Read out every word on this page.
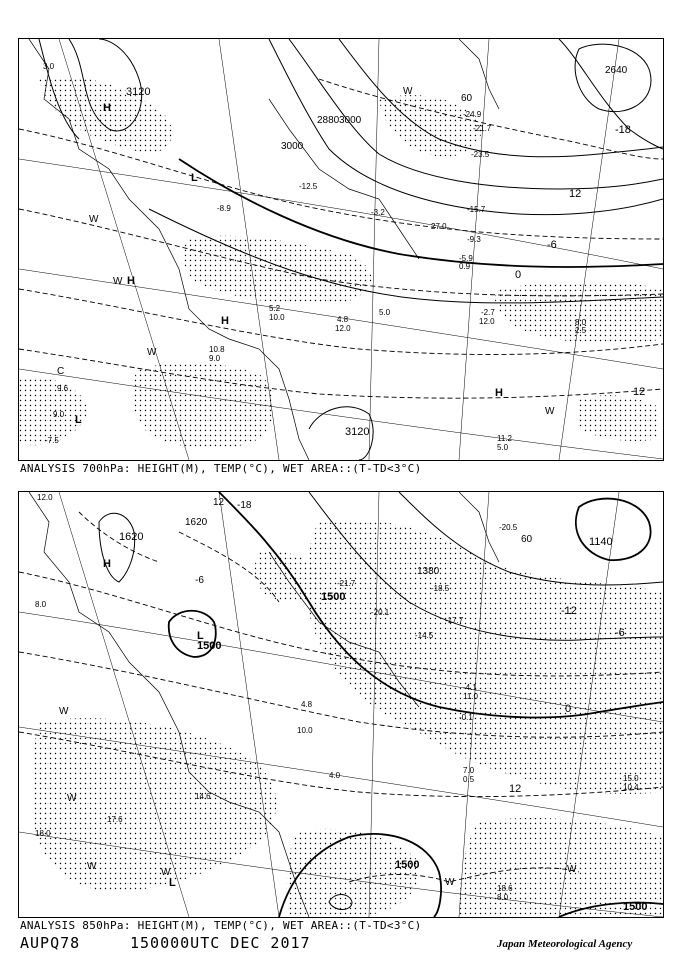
3120
3120
3000
3000
2880
2640
60
-18
12
-6
0
12
H
H
H
H
L
L
W
W
W
W
W
C
-24.9
-21.7
-23.5
-15.7
-9.3
-2.7
12.0	8.0
2.5
11.2
5.0
-12.5
-8.9
4.8
12.0
5.2
10.0
10.8
9.0
9.6
9.0
-7.5
3.0
5.0
-3.2
27.0
-5.9
0.9
ANALYSIS 700hPa: HEIGHT(M), TEMP(°C), WET AREA::(T-TD<3°C)
1620
1620
1500
1500
1500
1500
1380
1140
60
-18
12
-12
-6
0
12
-6
H
L
L
W
W
W
W
W
W
-4.1
11.0
-0.1
7.0
0.5	15.0
10.4
18.6
8.0
-14.5
-17.7
-20.1
-21.7
-18.5
-20.5
10.0
14.6
17.6
18.0
8.0
4.8
4.0
12.0
ANALYSIS 850hPa: HEIGHT(M), TEMP(°C), WET AREA::(T-TD<3°C)
AUPQ78	150000UTC DEC 2017	Japan Meteorological Agency
